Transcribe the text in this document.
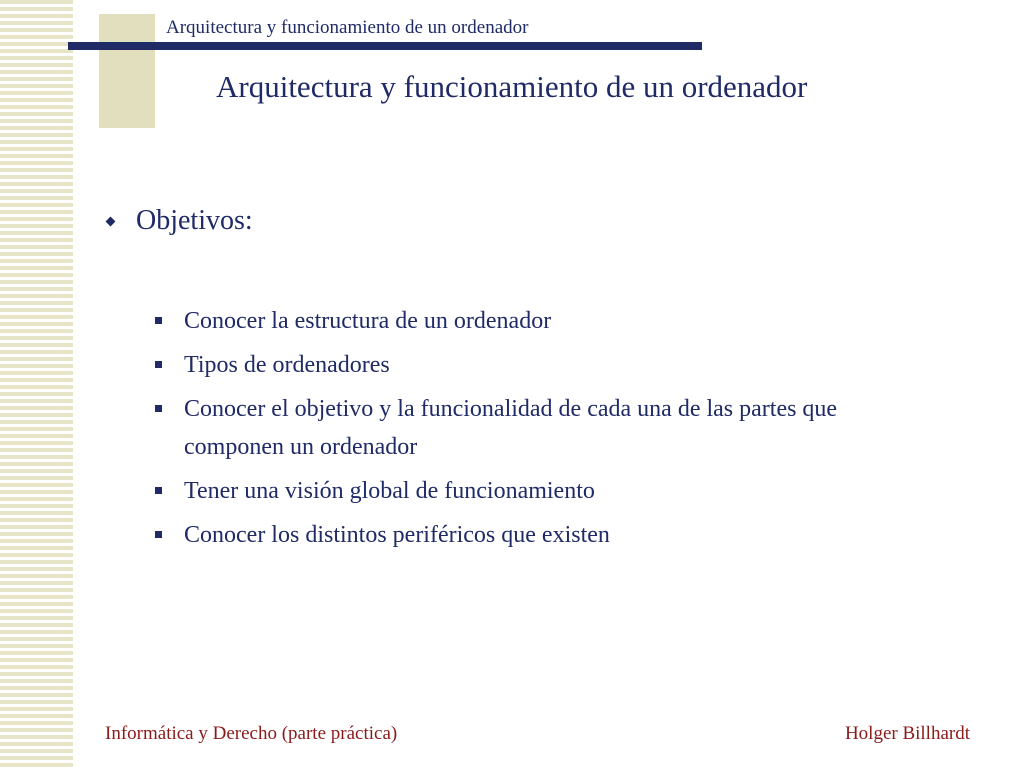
Arquitectura y funcionamiento de un ordenador
Arquitectura y funcionamiento de un ordenador
Objetivos:
Conocer la estructura de un ordenador
Tipos de ordenadores
Conocer el objetivo y la funcionalidad de cada una de las partes que componen un ordenador
Tener una visión global de funcionamiento
Conocer los distintos periféricos que existen
Informática y Derecho (parte práctica)	Holger Billhardt
